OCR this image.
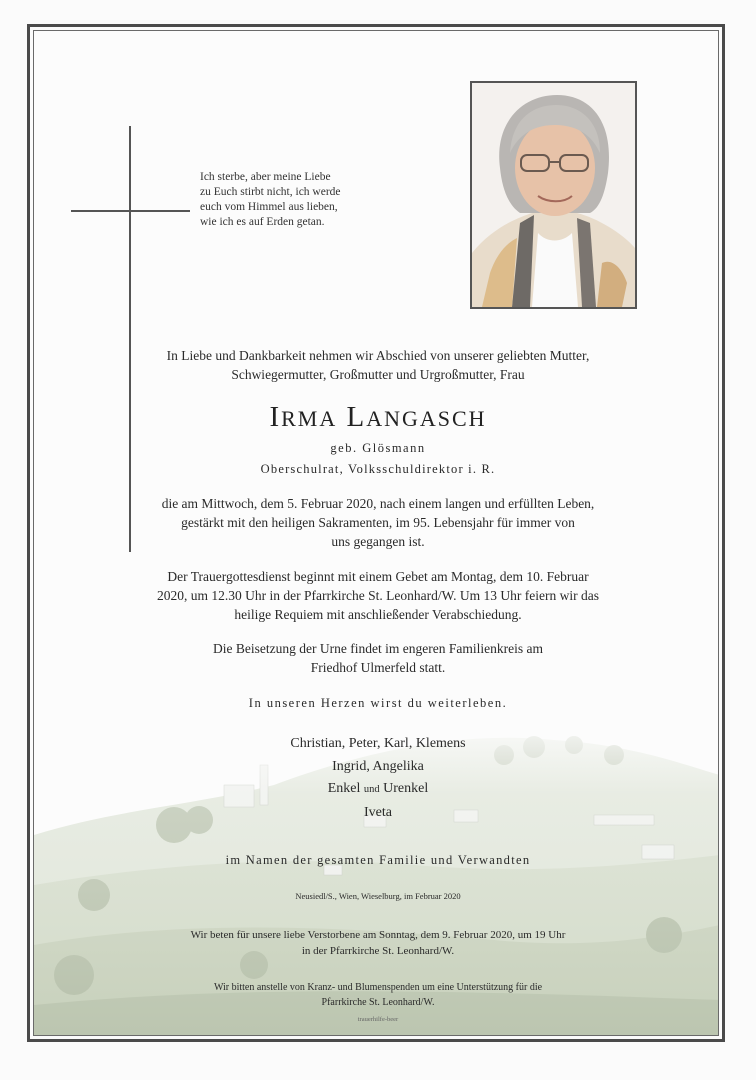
Ich sterbe, aber meine Liebe
zu Euch stirbt nicht, ich werde
euch vom Himmel aus lieben,
wie ich es auf Erden getan.
In Liebe und Dankbarkeit nehmen wir Abschied von unserer geliebten Mutter,
Schwiegermutter, Großmutter und Urgroßmutter, Frau
IRMA LANGASCH
geb. Glösmann
Oberschulrat, Volksschuldirektor i. R.
die am Mittwoch, dem 5. Februar 2020, nach einem langen und erfüllten Leben,
gestärkt mit den heiligen Sakramenten, im 95. Lebensjahr für immer von
uns gegangen ist.
Der Trauergottesdienst beginnt mit einem Gebet am Montag, dem 10. Februar
2020, um 12.30 Uhr in der Pfarrkirche St. Leonhard/W. Um 13 Uhr feiern wir das
heilige Requiem mit anschließender Verabschiedung.
Die Beisetzung der Urne findet im engeren Familienkreis am
Friedhof Ulmerfeld statt.
In unseren Herzen wirst du weiterleben.
Christian, Peter, Karl, Klemens
Ingrid, Angelika
Enkel und Urenkel
Iveta
im Namen der gesamten Familie und Verwandten
Neusiedl/S., Wien, Wieselburg, im Februar 2020
Wir beten für unsere liebe Verstorbene am Sonntag, dem 9. Februar 2020, um 19 Uhr
in der Pfarrkirche St. Leonhard/W.
Wir bitten anstelle von Kranz- und Blumenspenden um eine Unterstützung für die
Pfarrkirche St. Leonhard/W.
trauerhilfe-beer
